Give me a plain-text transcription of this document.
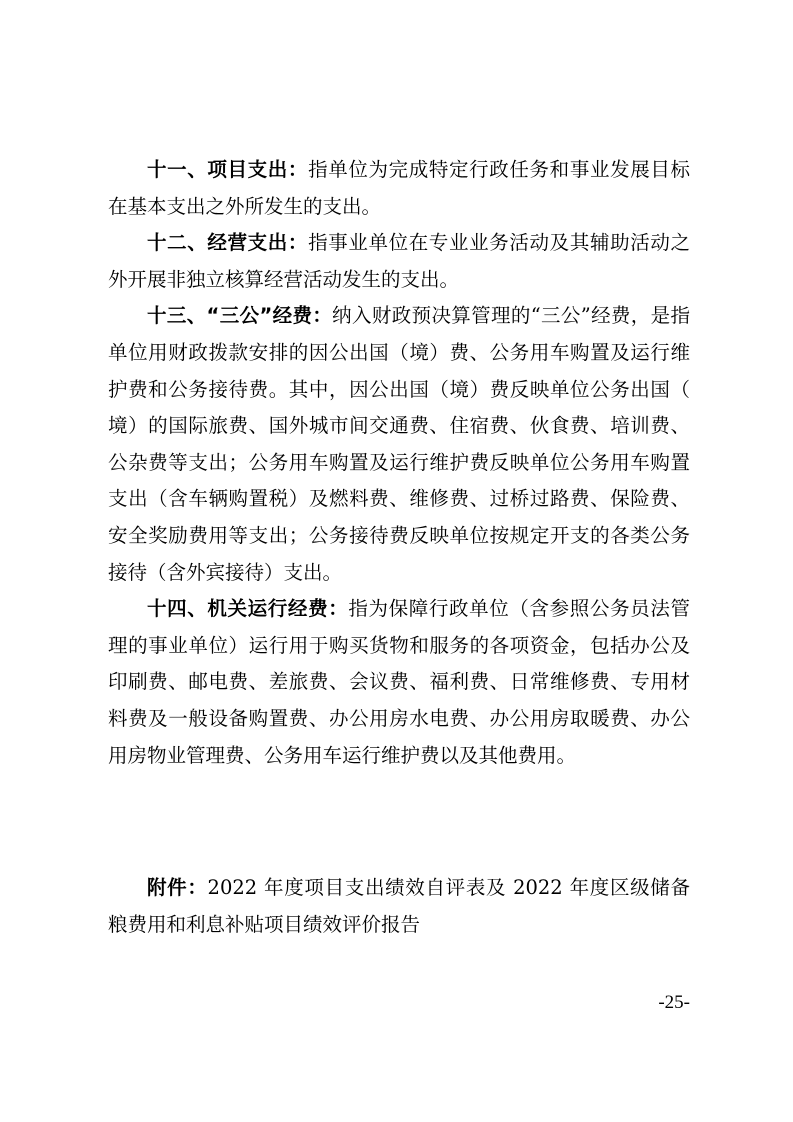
十一、项目支出：指单位为完成特定行政任务和事业发展目标在基本支出之外所发生的支出。

十二、经营支出：指事业单位在专业业务活动及其辅助活动之外开展非独立核算经营活动发生的支出。

十三、“三公”经费：纳入财政预决算管理的“三公”经费，是指单位用财政拨款安排的因公出国（境）费、公务用车购置及运行维护费和公务接待费。其中，因公出国（境）费反映单位公务出国（境）的国际旅费、国外城市间交通费、住宿费、伙食费、培训费、公杂费等支出；公务用车购置及运行维护费反映单位公务用车购置支出（含车辆购置税）及燃料费、维修费、过桥过路费、保险费、安全奖励费用等支出；公务接待费反映单位按规定开支的各类公务接待（含外宾接待）支出。

十四、机关运行经费：指为保障行政单位（含参照公务员法管理的事业单位）运行用于购买货物和服务的各项资金，包括办公及印刷费、邮电费、差旅费、会议费、福利费、日常维修费、专用材料费及一般设备购置费、办公用房水电费、办公用房取暖费、办公用房物业管理费、公务用车运行维护费以及其他费用。

附件：2022 年度项目支出绩效自评表及 2022 年度区级储备粮费用和利息补贴项目绩效评价报告

-25-
